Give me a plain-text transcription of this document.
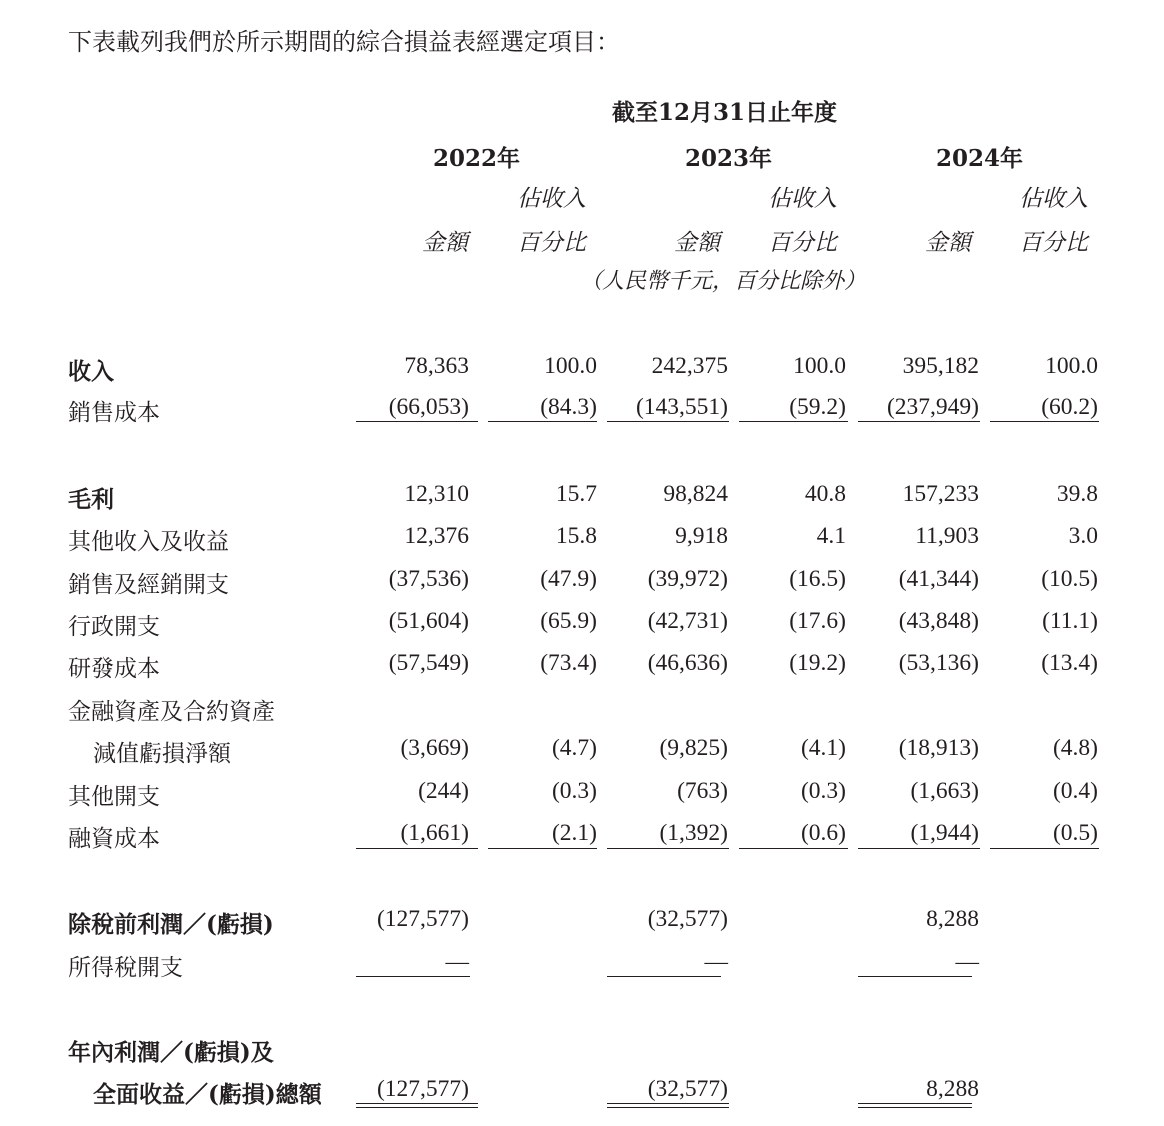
下表載列我們於所示期間的綜合損益表經選定項目：
截至12月31日止年度
2022年	2023年	2024年
佔收入	佔收入	佔收入
金額 百分比	金額 百分比	金額 百分比
（人民幣千元，百分比除外）
收入	78,363	100.0 242,375	100.0 395,182	100.0
銷售成本	(66,053)	(84.3) (143,551)	(59.2) (237,949)	(60.2)
毛利	12,310	15.7	98,824	40.8 157,233	39.8
其他收入及收益	12,376	15.8	9,918	4.1	11,903	3.0
銷售及經銷開支	(37,536)	(47.9) (39,972)	(16.5) (41,344)	(10.5)
行政開支	(51,604)	(65.9) (42,731)	(17.6) (43,848)	(11.1)
研發成本	(57,549)	(73.4) (46,636)	(19.2) (53,136)	(13.4)
金融資產及合約資產
減值虧損淨額	(3,669)	(4.7)	(9,825)	(4.1) (18,913)	(4.8)
其他開支	(244)	(0.3)	(763)	(0.3)	(1,663)	(0.4)
融資成本	(1,661)	(2.1)	(1,392)	(0.6)	(1,944)	(0.5)
除稅前利潤／(虧損)	(127,577)	(32,577)	8,288
所得稅開支	—	—	—
年內利潤／(虧損)及
全面收益／(虧損)總額 (127,577)	(32,577)	8,288
